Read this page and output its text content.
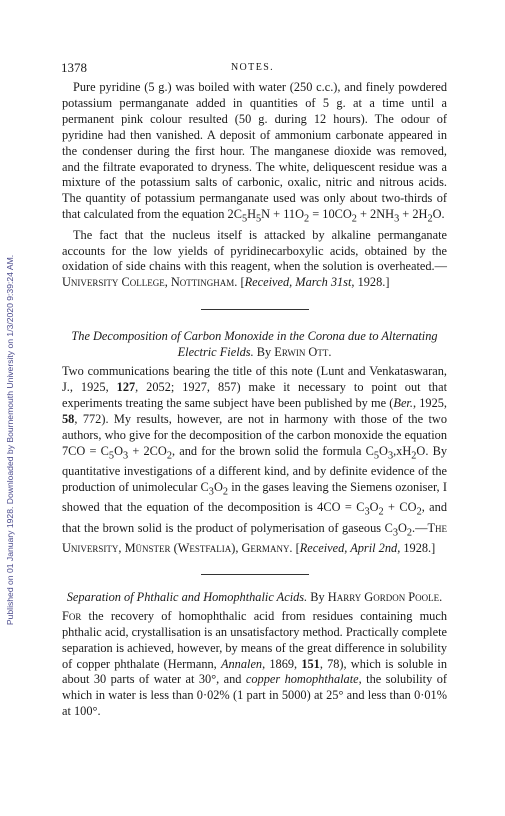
Published on 01 January 1928. Downloaded by Bournemouth University on 1/3/2020 9:39:24 AM.
1378	NOTES.

Pure pyridine (5 g.) was boiled with water (250 c.c.), and finely powdered potassium permanganate added in quantities of 5 g. at a time until a permanent pink colour resulted (50 g. during 12 hours). The odour of pyridine had then vanished. A deposit of ammonium carbonate appeared in the condenser during the first hour. The manganese dioxide was removed, and the filtrate evaporated to dryness. The white, deliquescent residue was a mixture of the potassium salts of carbonic, oxalic, nitric and nitrous acids. The quantity of potassium permanganate used was only about two-thirds of that calculated from the equation $2C_5H_5N + 11O_2 = 10CO_2 + 2NH_3 + 2H_2O$.

The fact that the nucleus itself is attacked by alkaline permanganate accounts for the low yields of pyridinecarboxylic acids, obtained by the oxidation of side chains with this reagent, when the solution is overheated.—University College, Nottingham. [Received, March 31st, 1928.]

The Decomposition of Carbon Monoxide in the Corona due to Alternating Electric Fields. By Erwin Ott.

Two communications bearing the title of this note (Lunt and Venkataswaran, J., 1925, 127, 2052; 1927, 857) make it necessary to point out that experiments treating the same subject have been published by me (Ber., 1925, 58, 772). My results, however, are not in harmony with those of the two authors, who give for the decomposition of the carbon monoxide the equation $7CO = C_5O_3 + 2CO_2$, and for the brown solid the formula $C_5O_3,xH_2O$. By quantitative investigations of a different kind, and by definite evidence of the production of unimolecular $C_3O_2$ in the gases leaving the Siemens ozoniser, I showed that the equation of the decomposition is $4CO = C_3O_2 + CO_2$, and that the brown solid is the product of polymerisation of gaseous $C_3O_2.—The$ University, Münster (Westfalia), Germany. [Received, April 2nd, 1928.]

Separation of Phthalic and Homophthalic Acids. By Harry Gordon Poole.

For the recovery of homophthalic acid from residues containing much phthalic acid, crystallisation is an unsatisfactory method. Practically complete separation is achieved, however, by means of the great difference in solubility of copper phthalate (Hermann, Annalen, 1869, 151, 78), which is soluble in about 30 parts of water at 30°, and copper homophthalate, the solubility of which in water is less than 0·02% (1 part in 5000) at 25° and less than 0·01% at 100°.
